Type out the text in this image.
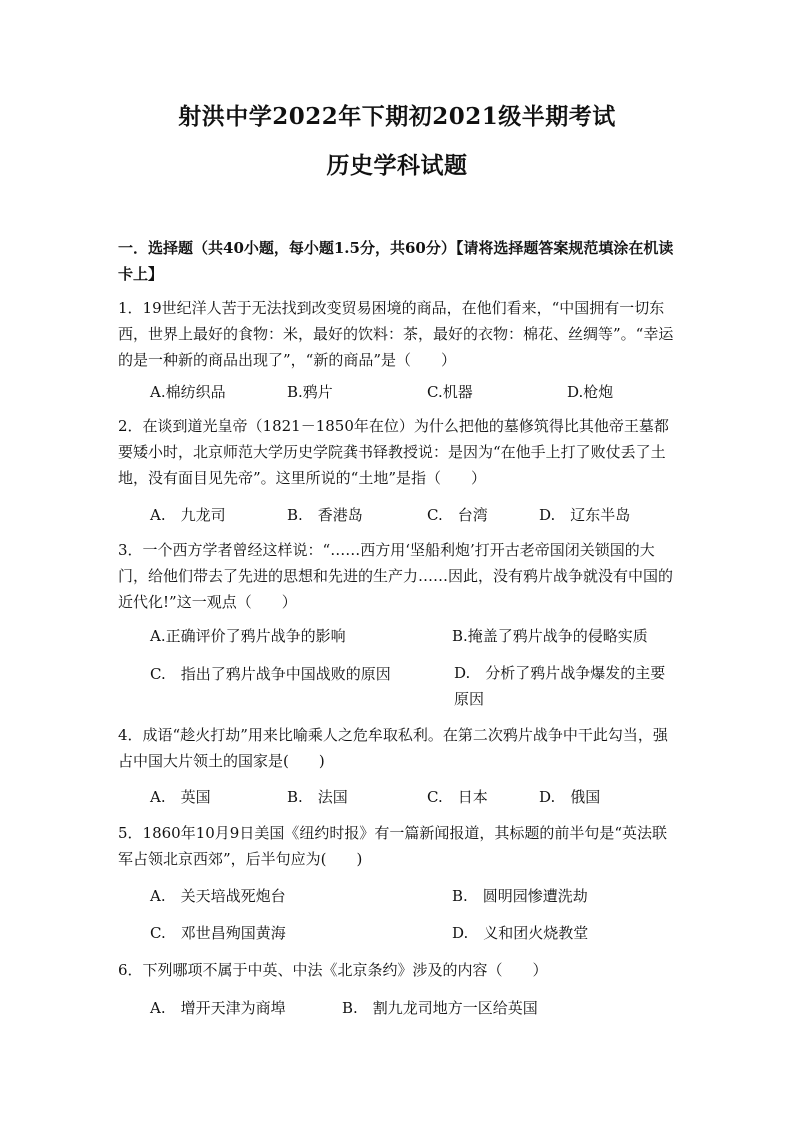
射洪中学2022年下期初2021级半期考试
历史学科试题
一．选择题（共40小题，每小题1.5分，共60分）【请将选择题答案规范填涂在机读卡上】
1．19世纪洋人苦于无法找到改变贸易困境的商品，在他们看来，“中国拥有一切东西，世界上最好的食物：米，最好的饮料：茶，最好的衣物：棉花、丝绸等”。“幸运的是一种新的商品出现了”，“新的商品”是（　　）
A.棉纺织品	B.鸦片	C.机器	D.枪炮
2．在谈到道光皇帝（1821－1850年在位）为什么把他的墓修筑得比其他帝王墓都要矮小时，北京师范大学历史学院龚书铎教授说：是因为“在他手上打了败仗丢了土地，没有面目见先帝”。这里所说的“土地”是指（　　）
A.　九龙司	B.　香港岛	C.　台湾	D.　辽东半岛
3．一个西方学者曾经这样说：“……西方用‘坚船利炮’打开古老帝国闭关锁国的大门，给他们带去了先进的思想和先进的生产力……因此，没有鸦片战争就没有中国的近代化!”这一观点（　　）
A.正确评价了鸦片战争的影响	B.掩盖了鸦片战争的侵略实质
C.　指出了鸦片战争中国战败的原因	D.　分析了鸦片战争爆发的主要原因
4．成语“趁火打劫”用来比喻乘人之危牟取私利。在第二次鸦片战争中干此勾当，强占中国大片领土的国家是(　　)
A.　英国	B.　法国	C.　日本	D.　俄国
5．1860年10月9日美国《纽约时报》有一篇新闻报道，其标题的前半句是“英法联军占领北京西郊”，后半句应为(　　)
A.　关天培战死炮台	B.　圆明园惨遭洗劫
C.　邓世昌殉国黄海	D.　义和团火烧教堂
6．下列哪项不属于中英、中法《北京条约》涉及的内容（　　）
A.　增开天津为商埠	B.　割九龙司地方一区给英国
